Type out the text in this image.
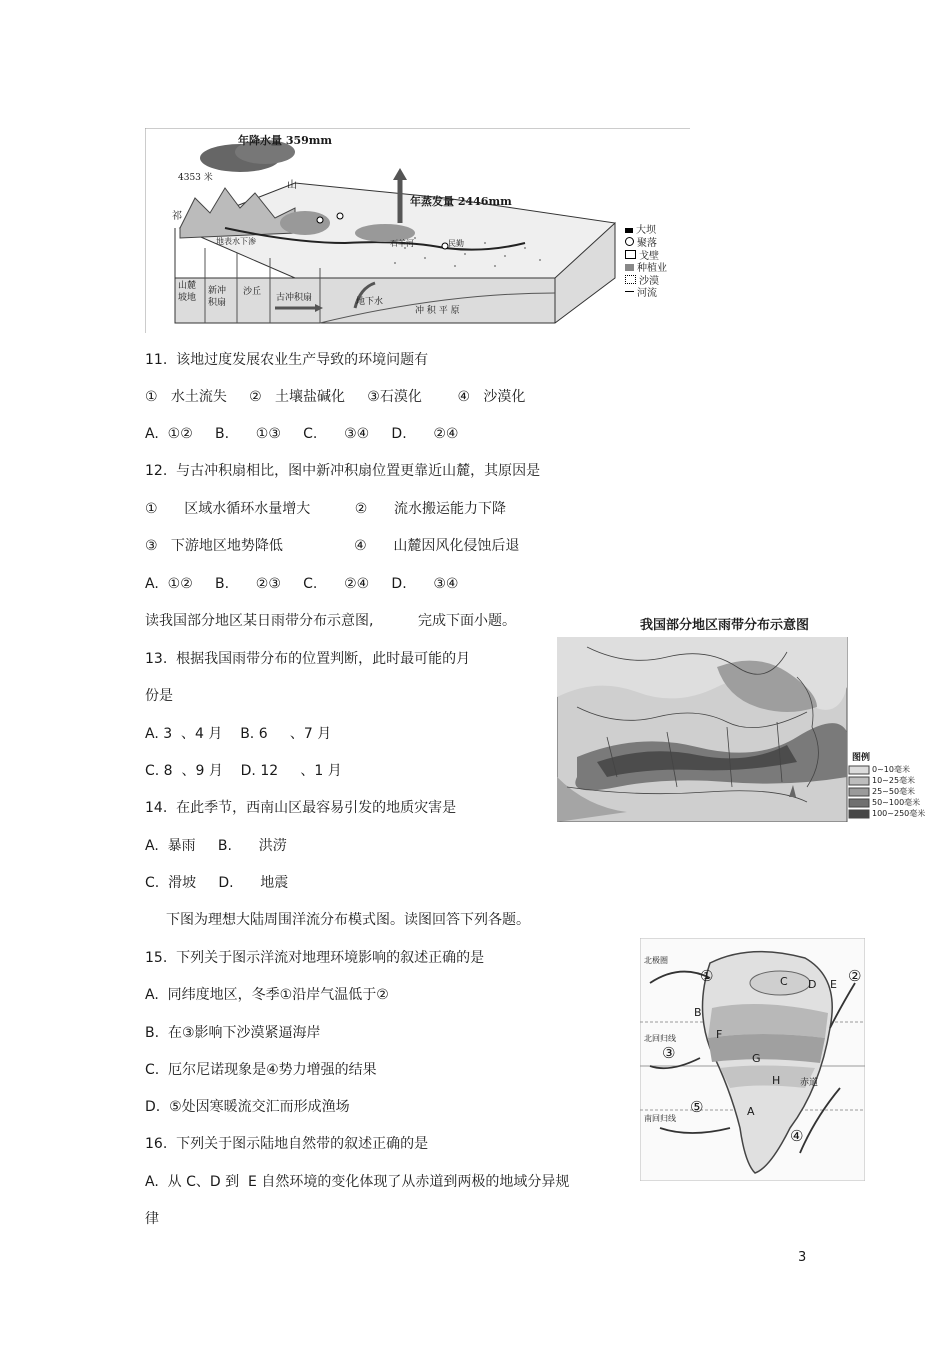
年降水量 359mm
4353 米
山
祁
年蒸发量 2446mm
地表水下渗	石羊河	民勤
地下水
山麓坡地
新冲积扇
沙丘
古冲积扇
冲 积 平 原
大坝
聚落
戈壁
种植业
沙漠
河流
11.  该地过度发展农业生产导致的环境问题有
①   水土流失     ②   土壤盐碱化     ③石漠化        ④   沙漠化
A.  ①②     B.      ①③     C.      ③④     D.      ②④
12.  与古冲积扇相比，图中新冲积扇位置更靠近山麓，其原因是
①      区域水循环水量增大          ②      流水搬运能力下降
③   下游地区地势降低                ④      山麓因风化侵蚀后退
A.  ①②     B.      ②③     C.      ②④     D.      ③④
读我国部分地区某日雨带分布示意图,          完成下面小题。	我国部分地区雨带分布示意图
图例
0~10毫米
10~25毫米
25~50毫米
50~100毫米
100~250毫米
13.  根据我国雨带分布的位置判断，此时最可能的月
份是
A. 3  、4 月    B. 6     、7 月
C. 8  、9 月    D. 12     、1 月
14.  在此季节，西南山区最容易引发的地质灾害是
A.  暴雨     B.      洪涝
C.  滑坡     D.      地震
下图为理想大陆周围洋流分布模式图。读图回答下列各题。
北极圈
北回归线
赤道
南回归线
①	②
③
④
⑤
B
C D E
F
G
H
A
15.  下列关于图示洋流对地理环境影响的叙述正确的是
A.  同纬度地区，冬季①沿岸气温低于②
B.  在③影响下沙漠紧逼海岸
C.  厄尔尼诺现象是④势力增强的结果
D.  ⑤处因寒暖流交汇而形成渔场
16.  下列关于图示陆地自然带的叙述正确的是
A.  从 C、D 到  E 自然环境的变化体现了从赤道到两极的地域分异规
律
3
